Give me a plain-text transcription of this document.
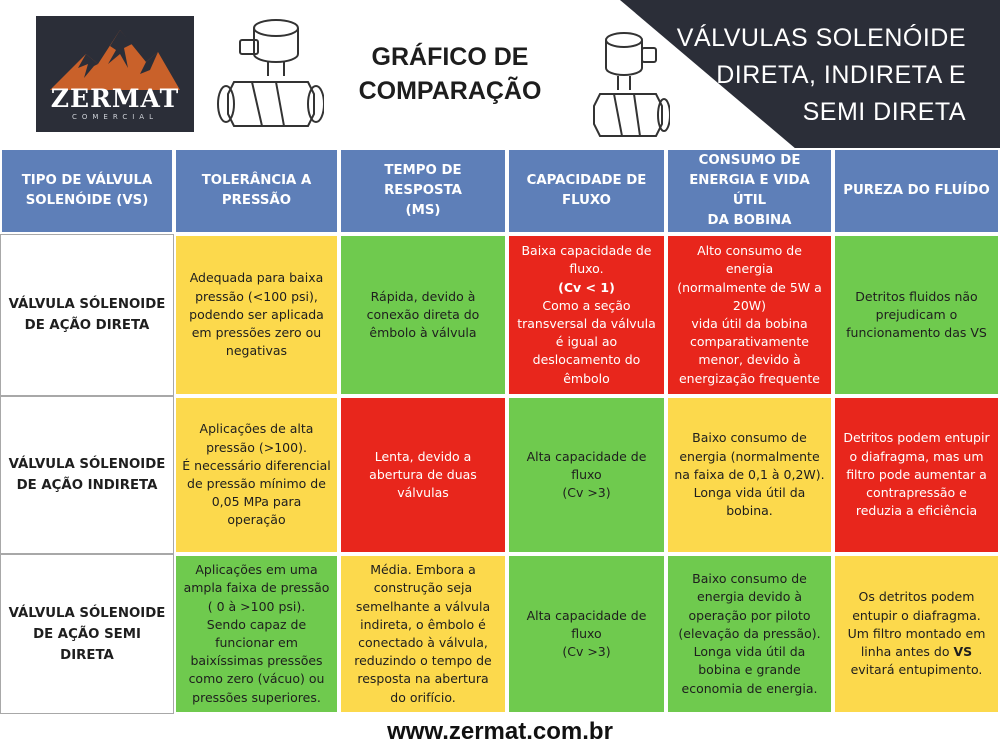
ZERMAT
COMERCIAL
GRÁFICO DE
COMPARAÇÃO
VÁLVULAS SOLENÓIDE
DIRETA, INDIRETA E
SEMI DIRETA
TIPO DE VÁLVULA
SOLENÓIDE (VS)
TOLERÂNCIA A
PRESSÃO
TEMPO DE RESPOSTA
(MS)
CAPACIDADE DE
FLUXO
CONSUMO DE
ENERGIA E VIDA ÚTIL
DA BOBINA
PUREZA DO FLUÍDO
VÁLVULA SÓLENOIDE
DE AÇÃO DIRETA
Adequada para baixa
pressão (<100 psi),
podendo ser aplicada
em pressões zero ou
negativas
Rápida, devido à
conexão direta do
êmbolo à válvula
Baixa capacidade de
fluxo.
(Cv < 1)
Como a seção
transversal da válvula
é igual ao
deslocamento do
êmbolo
Alto consumo de
energia
(normalmente de 5W a
20W)
vida útil da bobina
comparativamente
menor, devido à
energização frequente
Detritos fluidos não
prejudicam o
funcionamento das VS
VÁLVULA SÓLENOIDE
DE AÇÃO INDIRETA
Aplicações de alta
pressão (>100).
É necessário diferencial
de pressão mínimo de
0,05 MPa para
operação
Lenta, devido a
abertura de duas
válvulas
Alta capacidade de
fluxo
(Cv >3)
Baixo consumo de
energia (normalmente
na faixa de 0,1 à 0,2W).
Longa vida útil da
bobina.
Detritos podem entupir
o diafragma, mas um
filtro pode aumentar a
contrapressão e
reduzia a eficiência
VÁLVULA SÓLENOIDE
DE AÇÃO SEMI
DIRETA
Aplicações em uma
ampla faixa de pressão
( 0 à >100 psi).
Sendo capaz de
funcionar em
baixíssimas pressões
como zero (vácuo) ou
pressões superiores.
Média. Embora a
construção seja
semelhante a válvula
indireta, o êmbolo é
conectado à válvula,
reduzindo o tempo de
resposta na abertura
do orifício.
Alta capacidade de
fluxo
(Cv >3)
Baixo consumo de
energia devido à
operação por piloto
(elevação da pressão).
Longa vida útil da
bobina e grande
economia de energia.
Os detritos podem
entupir o diafragma.
Um filtro montado em
linha antes do VS
evitará entupimento.
www.zermat.com.br
